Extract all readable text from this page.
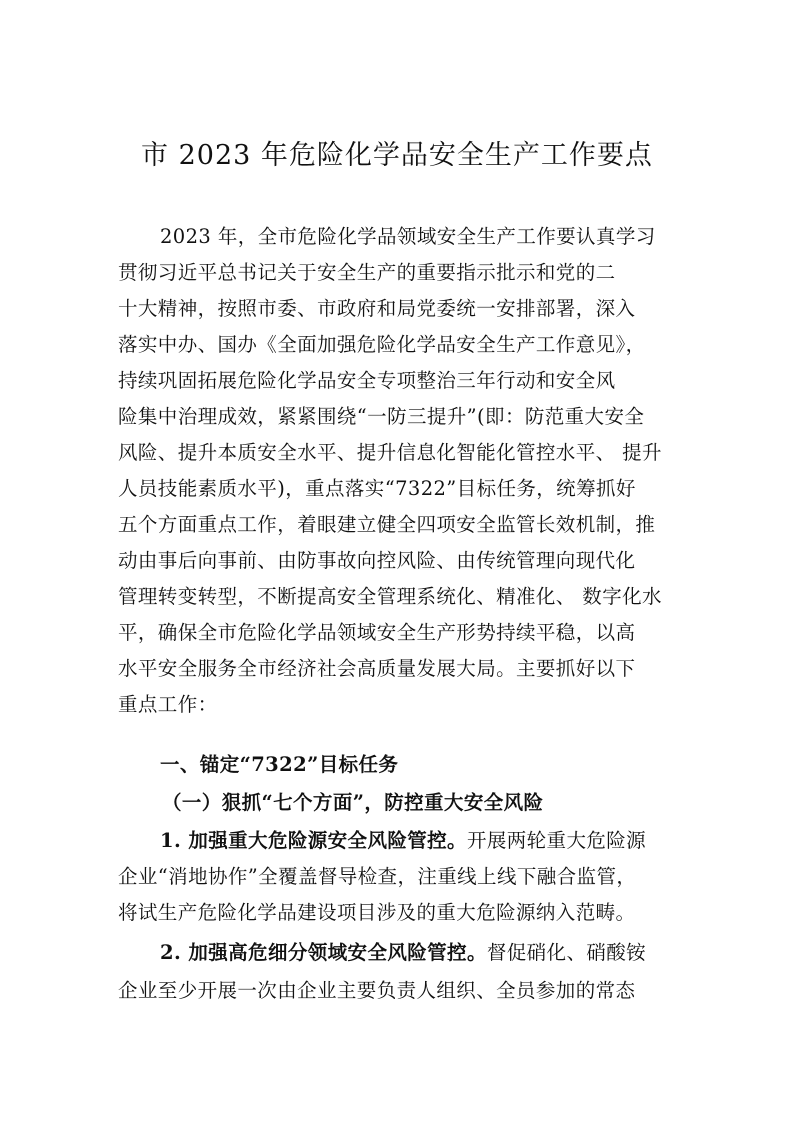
市 2023 年危险化学品安全生产工作要点
2023 年，全市危险化学品领域安全生产工作要认真学习
贯彻习近平总书记关于安全生产的重要指示批示和党的二
十大精神，按照市委、市政府和局党委统一安排部署，深入
落实中办、国办《全面加强危险化学品安全生产工作意见》，
持续巩固拓展危险化学品安全专项整治三年行动和安全风
险集中治理成效，紧紧围绕“一防三提升”(即：防范重大安全
风险、提升本质安全水平、提升信息化智能化管控水平、 提升
人员技能素质水平)，重点落实“7322”目标任务，统筹抓好
五个方面重点工作，着眼建立健全四项安全监管长效机制，推
动由事后向事前、由防事故向控风险、由传统管理向现代化
管理转变转型，不断提高安全管理系统化、精准化、 数字化水
平，确保全市危险化学品领域安全生产形势持续平稳，以高
水平安全服务全市经济社会高质量发展大局。主要抓好以下
重点工作：
一、锚定“7322”目标任务
（一）狠抓“七个方面”，防控重大安全风险
1. 加强重大危险源安全风险管控。开展两轮重大危险源
企业“消地协作”全覆盖督导检查，注重线上线下融合监管，
将试生产危险化学品建设项目涉及的重大危险源纳入范畴。
2. 加强高危细分领域安全风险管控。督促硝化、硝酸铵
企业至少开展一次由企业主要负责人组织、全员参加的常态
